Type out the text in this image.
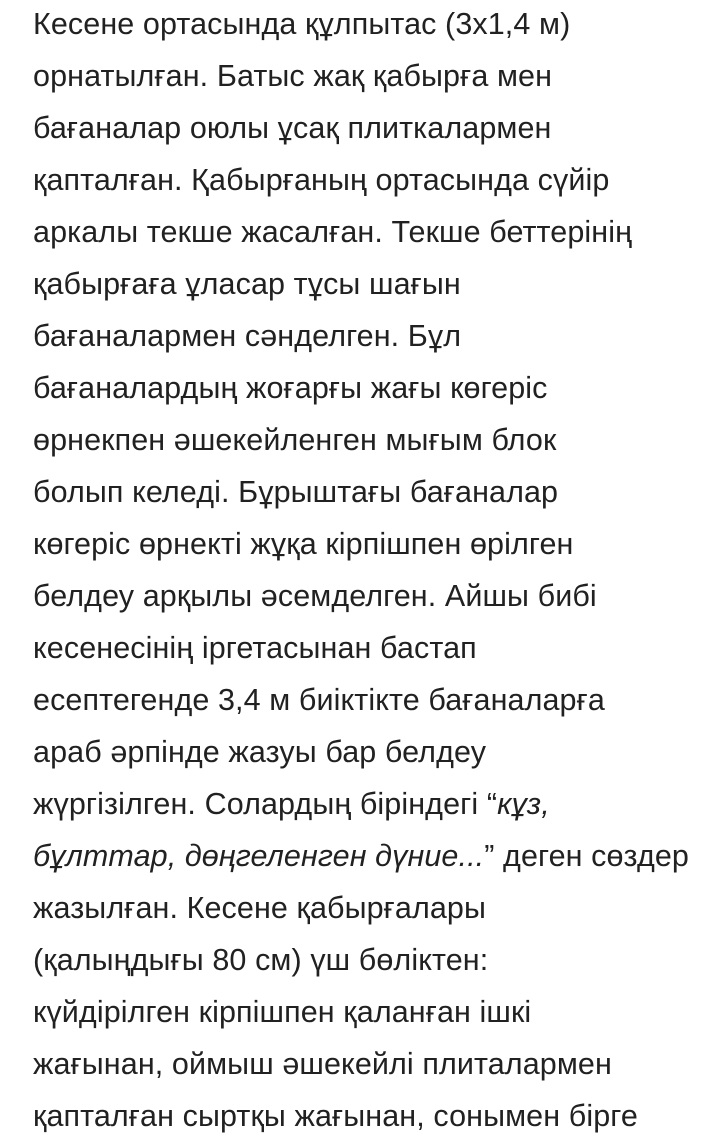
Кесене ортасында құлпытас (3х1,4 м)
орнатылған. Батыс жақ қабырға мен
бағаналар оюлы ұсақ плиткалармен
қапталған. Қабырғаның ортасында сүйір
аркалы текше жасалған. Текше беттерінің
қабырғаға ұласар тұсы шағын
бағаналармен сәнделген. Бұл
бағаналардың жоғарғы жағы көгеріс
өрнекпен әшекейленген мығым блок
болып келеді. Бұрыштағы бағаналар
көгеріс өрнекті жұқа кірпішпен өрілген
белдеу арқылы әсемделген. Айшы бибі
кесенесінің іргетасынан бастап
есептегенде 3,4 м биіктікте бағаналарға
араб әрпінде жазуы бар белдеу
жүргізілген. Солардың біріндегі “кұз,
бұлттар, дөңгеленген дүние...” деген сөздер
жазылған. Кесене қабырғалары
(қалыңдығы 80 см) үш бөліктен:
күйдірілген кірпішпен қаланған ішкі
жағынан, оймыш әшекейлі плиталармен
қапталған сыртқы жағынан, сонымен бірге
